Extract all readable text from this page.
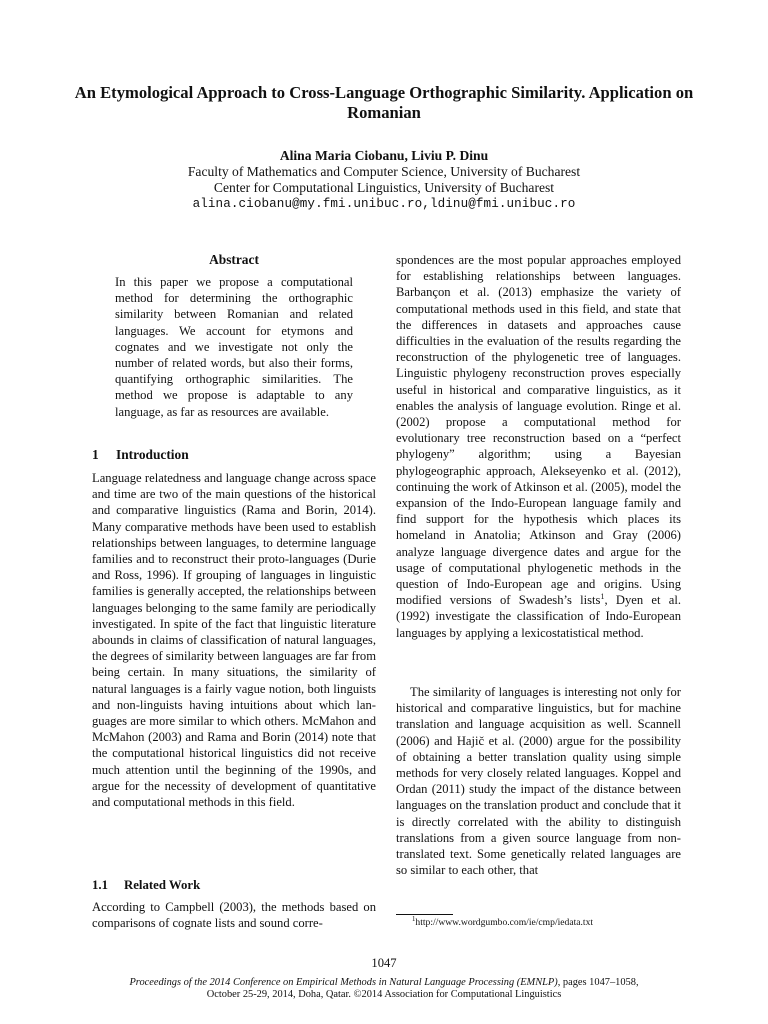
An Etymological Approach to Cross-Language Orthographic Similarity. Application on Romanian
Alina Maria Ciobanu, Liviu P. Dinu
Faculty of Mathematics and Computer Science, University of Bucharest
Center for Computational Linguistics, University of Bucharest
alina.ciobanu@my.fmi.unibuc.ro,ldinu@fmi.unibuc.ro
Abstract
In this paper we propose a computational method for determining the orthographic similarity between Romanian and related languages. We account for etymons and cognates and we investigate not only the number of related words, but also their forms, quantifying orthographic similarities. The method we propose is adaptable to any language, as far as resources are available.
1 Introduction
Language relatedness and language change across space and time are two of the main questions of the historical and comparative linguistics (Rama and Borin, 2014). Many comparative methods have been used to establish relationships between languages, to determine language families and to reconstruct their proto-languages (Durie and Ross, 1996). If grouping of languages in linguistic families is generally accepted, the relationships between languages belonging to the same family are periodically investigated. In spite of the fact that linguistic literature abounds in claims of classification of natural languages, the degrees of similarity between languages are far from being certain. In many situations, the similarity of natural languages is a fairly vague notion, both linguists and non-linguists having intuitions about which languages are more similar to which others. McMahon and McMahon (2003) and Rama and Borin (2014) note that the computational historical linguistics did not receive much attention until the beginning of the 1990s, and argue for the necessity of development of quantitative and computational methods in this field.
1.1 Related Work
According to Campbell (2003), the methods based on comparisons of cognate lists and sound corre-
spondences are the most popular approaches employed for establishing relationships between languages. Barbançon et al. (2013) emphasize the variety of computational methods used in this field, and state that the differences in datasets and approaches cause difficulties in the evaluation of the results regarding the reconstruction of the phylogenetic tree of languages. Linguistic phylogeny reconstruction proves especially useful in historical and comparative linguistics, as it enables the analysis of language evolution. Ringe et al. (2002) propose a computational method for evolutionary tree reconstruction based on a “perfect phylogeny” algorithm; using a Bayesian phylogeographic approach, Alekseyenko et al. (2012), continuing the work of Atkinson et al. (2005), model the expansion of the Indo-European language family and find support for the hypothesis which places its homeland in Anatolia; Atkinson and Gray (2006) analyze language divergence dates and argue for the usage of computational phylogenetic methods in the question of Indo-European age and origins. Using modified versions of Swadesh’s lists$^1$, Dyen et al. (1992) investigate the classification of Indo-European languages by applying a lexicostatistical method.
The similarity of languages is interesting not only for historical and comparative linguistics, but for machine translation and language acquisition as well. Scannell (2006) and Hajič et al. (2000) argue for the possibility of obtaining a better translation quality using simple methods for very closely related languages. Koppel and Ordan (2011) study the impact of the distance between languages on the translation product and conclude that it is directly correlated with the ability to distinguish translations from a given source language from non-translated text. Some genetically related languages are so similar to each other, that
$^1$http://www.wordgumbo.com/ie/cmp/iedata.txt
1047
Proceedings of the 2014 Conference on Empirical Methods in Natural Language Processing (EMNLP), pages 1047–1058,
October 25-29, 2014, Doha, Qatar. ©2014 Association for Computational Linguistics
